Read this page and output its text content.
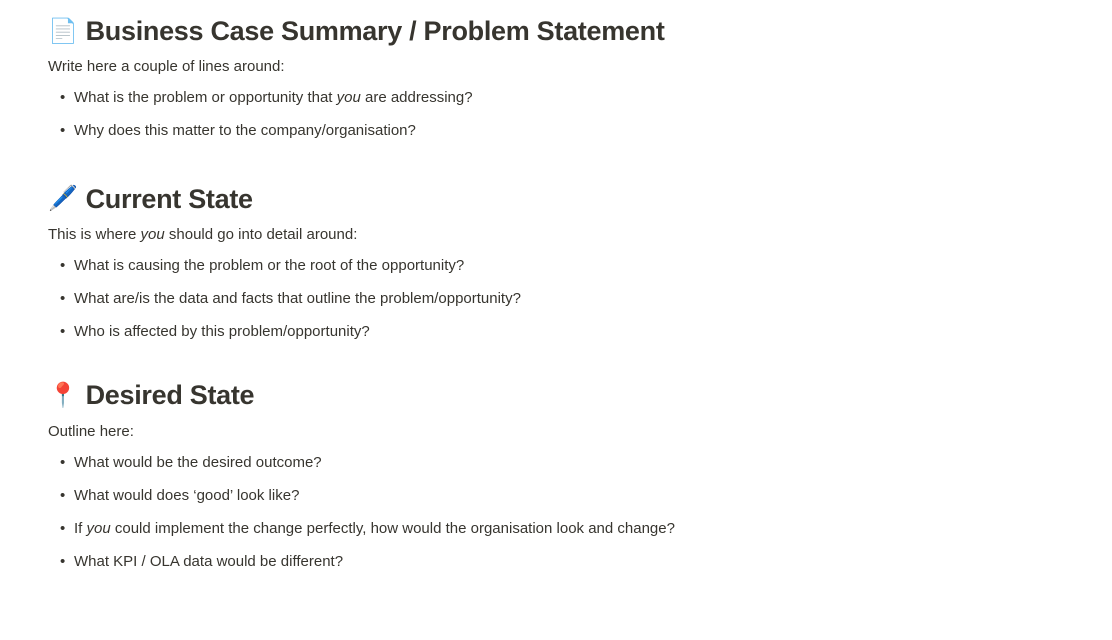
📄 Business Case Summary / Problem Statement

Write here a couple of lines around:

• What is the problem or opportunity that you are addressing?
• Why does this matter to the company/organisation?
🖊️ Current State

This is where you should go into detail around:

• What is causing the problem or the root of the opportunity?
• What are/is the data and facts that outline the problem/opportunity?
• Who is affected by this problem/opportunity?
📍 Desired State

Outline here:

• What would be the desired outcome?
• What would does ‘good’ look like?
• If you could implement the change perfectly, how would the organisation look and change?
• What KPI / OLA data would be different?
